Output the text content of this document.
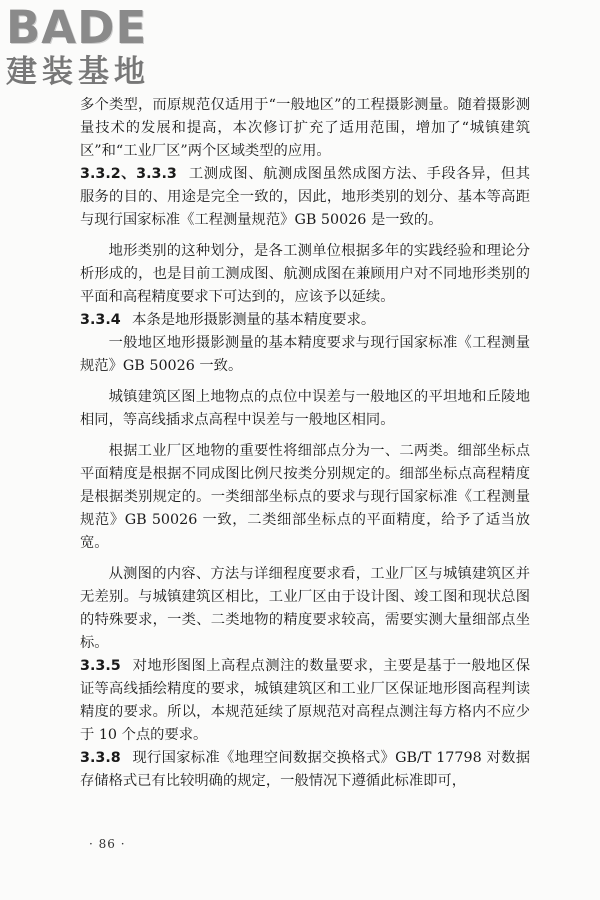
BADE
建装基地

多个类型，而原规范仅适用于“一般地区”的工程摄影测量。随着摄影测量技术的发展和提高，本次修订扩充了适用范围，增加了“城镇建筑区”和“工业厂区”两个区域类型的应用。

3.3.2、3.3.3 工测成图、航测成图虽然成图方法、手段各异，但其服务的目的、用途是完全一致的，因此，地形类别的划分、基本等高距与现行国家标准《工程测量规范》GB 50026 是一致的。

地形类别的这种划分，是各工测单位根据多年的实践经验和理论分析形成的，也是目前工测成图、航测成图在兼顾用户对不同地形类别的平面和高程精度要求下可达到的，应该予以延续。

3.3.4 本条是地形摄影测量的基本精度要求。

一般地区地形摄影测量的基本精度要求与现行国家标准《工程测量规范》GB 50026 一致。

城镇建筑区图上地物点的点位中误差与一般地区的平坦地和丘陵地相同，等高线插求点高程中误差与一般地区相同。

根据工业厂区地物的重要性将细部点分为一、二两类。细部坐标点平面精度是根据不同成图比例尺按类分别规定的。细部坐标点高程精度是根据类别规定的。一类细部坐标点的要求与现行国家标准《工程测量规范》GB 50026 一致，二类细部坐标点的平面精度，给予了适当放宽。

从测图的内容、方法与详细程度要求看，工业厂区与城镇建筑区并无差别。与城镇建筑区相比，工业厂区由于设计图、竣工图和现状总图的特殊要求，一类、二类地物的精度要求较高，需要实测大量细部点坐标。

3.3.5 对地形图图上高程点测注的数量要求，主要是基于一般地区保证等高线插绘精度的要求，城镇建筑区和工业厂区保证地形图高程判读精度的要求。所以，本规范延续了原规范对高程点测注每方格内不应少于 10 个点的要求。

3.3.8 现行国家标准《地理空间数据交换格式》GB/T 17798 对数据存储格式已有比较明确的规定，一般情况下遵循此标准即可，

· 86 ·
